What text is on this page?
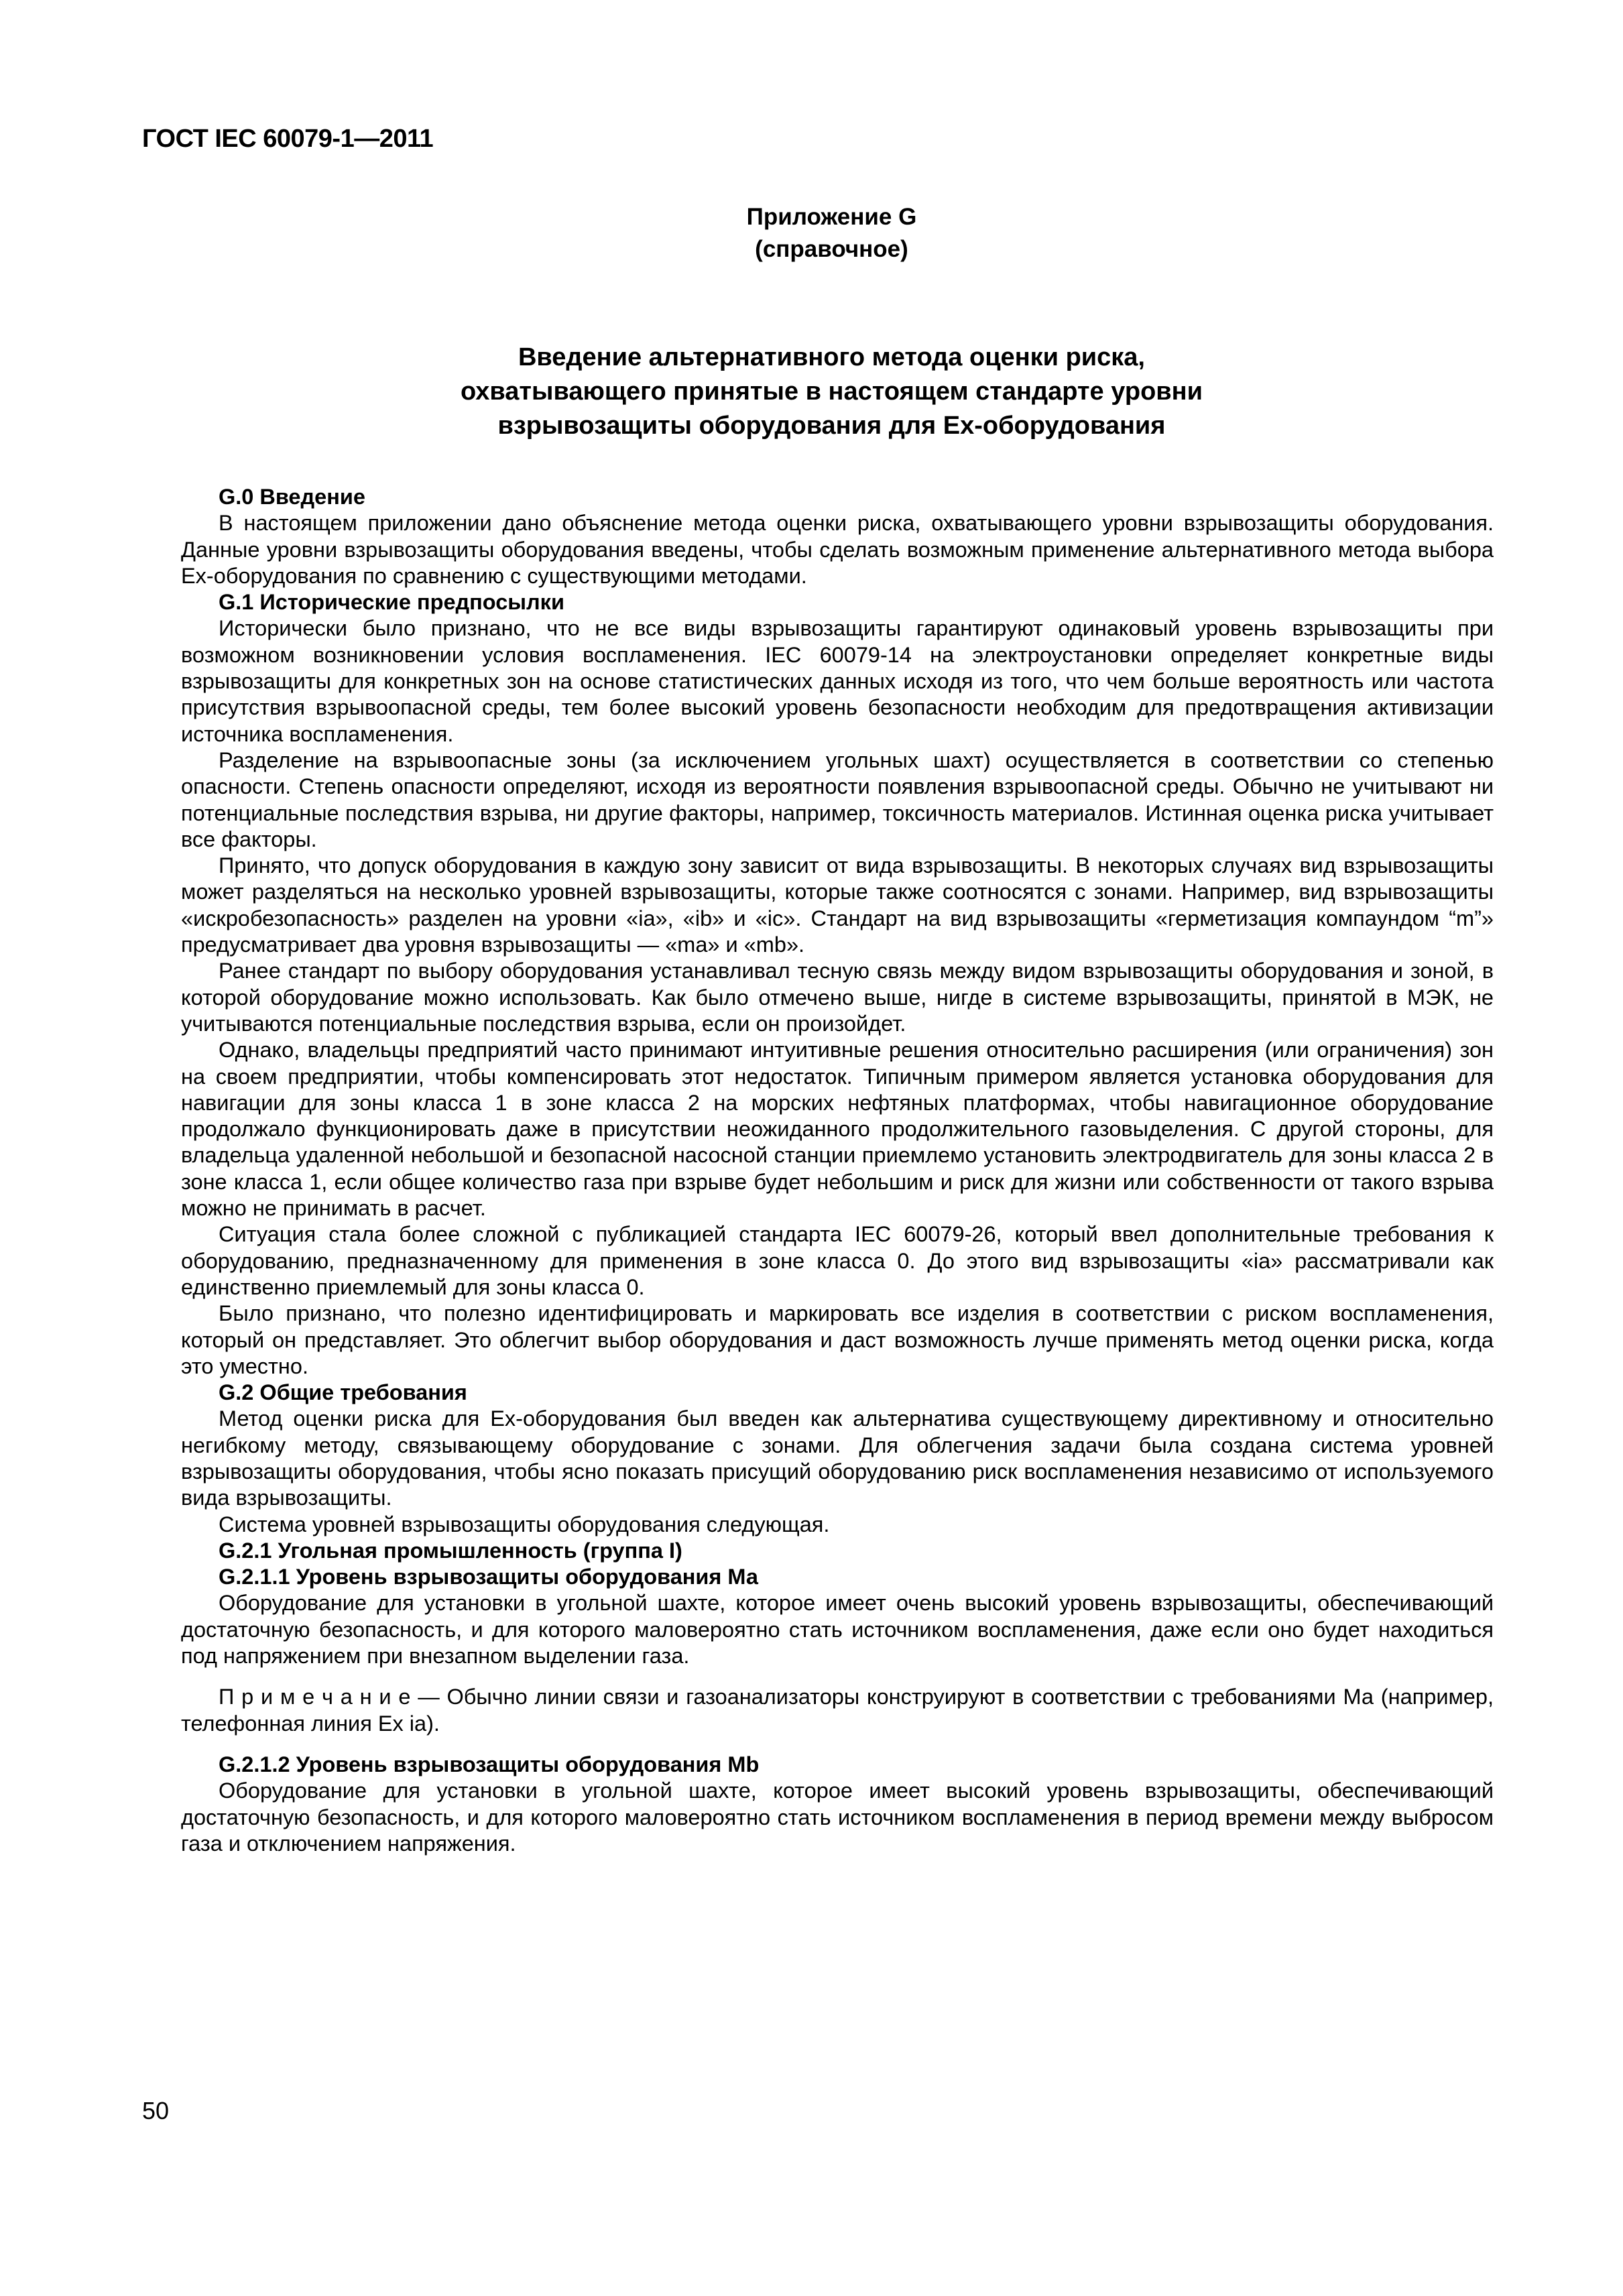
ГОСТ IEC 60079-1—2011
Приложение G
(справочное)
Введение альтернативного метода оценки риска,
охватывающего принятые в настоящем стандарте уровни
взрывозащиты оборудования для Ex-оборудования

G.0 Введение

В настоящем приложении дано объяснение метода оценки риска, охватывающего уровни взрывозащиты оборудования. Данные уровни взрывозащиты оборудования введены, чтобы сделать возможным применение альтернативного метода выбора Ex-оборудования по сравнению с существующими методами.

G.1 Исторические предпосылки

Исторически было признано, что не все виды взрывозащиты гарантируют одинаковый уровень взрывозащиты при возможном возникновении условия воспламенения. IEC 60079-14 на электроустановки определяет конкретные виды взрывозащиты для конкретных зон на основе статистических данных исходя из того, что чем больше вероятность или частота присутствия взрывоопасной среды, тем более высокий уровень безопасности необходим для предотвращения активизации источника воспламенения.

Разделение на взрывоопасные зоны (за исключением угольных шахт) осуществляется в соответствии со степенью опасности. Степень опасности определяют, исходя из вероятности появления взрывоопасной среды. Обычно не учитывают ни потенциальные последствия взрыва, ни другие факторы, например, токсичность материалов. Истинная оценка риска учитывает все факторы.

Принято, что допуск оборудования в каждую зону зависит от вида взрывозащиты. В некоторых случаях вид взрывозащиты может разделяться на несколько уровней взрывозащиты, которые также соотносятся с зонами. Например, вид взрывозащиты «искробезопасность» разделен на уровни «ia», «ib» и «ic». Стандарт на вид взрывозащиты «герметизация компаундом “m”» предусматривает два уровня взрывозащиты — «ma» и «mb».

Ранее стандарт по выбору оборудования устанавливал тесную связь между видом взрывозащиты оборудования и зоной, в которой оборудование можно использовать. Как было отмечено выше, нигде в системе взрывозащиты, принятой в МЭК, не учитываются потенциальные последствия взрыва, если он произойдет.

Однако, владельцы предприятий часто принимают интуитивные решения относительно расширения (или ограничения) зон на своем предприятии, чтобы компенсировать этот недостаток. Типичным примером является установка оборудования для навигации для зоны класса 1 в зоне класса 2 на морских нефтяных платформах, чтобы навигационное оборудование продолжало функционировать даже в присутствии неожиданного продолжительного газовыделения. С другой стороны, для владельца удаленной небольшой и безопасной насосной станции приемлемо установить электродвигатель для зоны класса 2 в зоне класса 1, если общее количество газа при взрыве будет небольшим и риск для жизни или собственности от такого взрыва можно не принимать в расчет.

Ситуация стала более сложной с публикацией стандарта IEC 60079-26, который ввел дополнительные требования к оборудованию, предназначенному для применения в зоне класса 0. До этого вид взрывозащиты «ia» рассматривали как единственно приемлемый для зоны класса 0.

Было признано, что полезно идентифицировать и маркировать все изделия в соответствии с риском воспламенения, который он представляет. Это облегчит выбор оборудования и даст возможность лучше применять метод оценки риска, когда это уместно.

G.2 Общие требования

Метод оценки риска для Ex-оборудования был введен как альтернатива существующему директивному и относительно негибкому методу, связывающему оборудование с зонами. Для облегчения задачи была создана система уровней взрывозащиты оборудования, чтобы ясно показать присущий оборудованию риск воспламенения независимо от используемого вида взрывозащиты.

Система уровней взрывозащиты оборудования следующая.

G.2.1 Угольная промышленность (группа I)

G.2.1.1 Уровень взрывозащиты оборудования Ма

Оборудование для установки в угольной шахте, которое имеет очень высокий уровень взрывозащиты, обеспечивающий достаточную безопасность, и для которого маловероятно стать источником воспламенения, даже если оно будет находиться под напряжением при внезапном выделении газа.

П р и м е ч а н и е — Обычно линии связи и газоанализаторы конструируют в соответствии с требованиями Ма (например, телефонная линия Ex ia).

G.2.1.2 Уровень взрывозащиты оборудования Mb

Оборудование для установки в угольной шахте, которое имеет высокий уровень взрывозащиты, обеспечивающий достаточную безопасность, и для которого маловероятно стать источником воспламенения в период времени между выбросом газа и отключением напряжения.

50
